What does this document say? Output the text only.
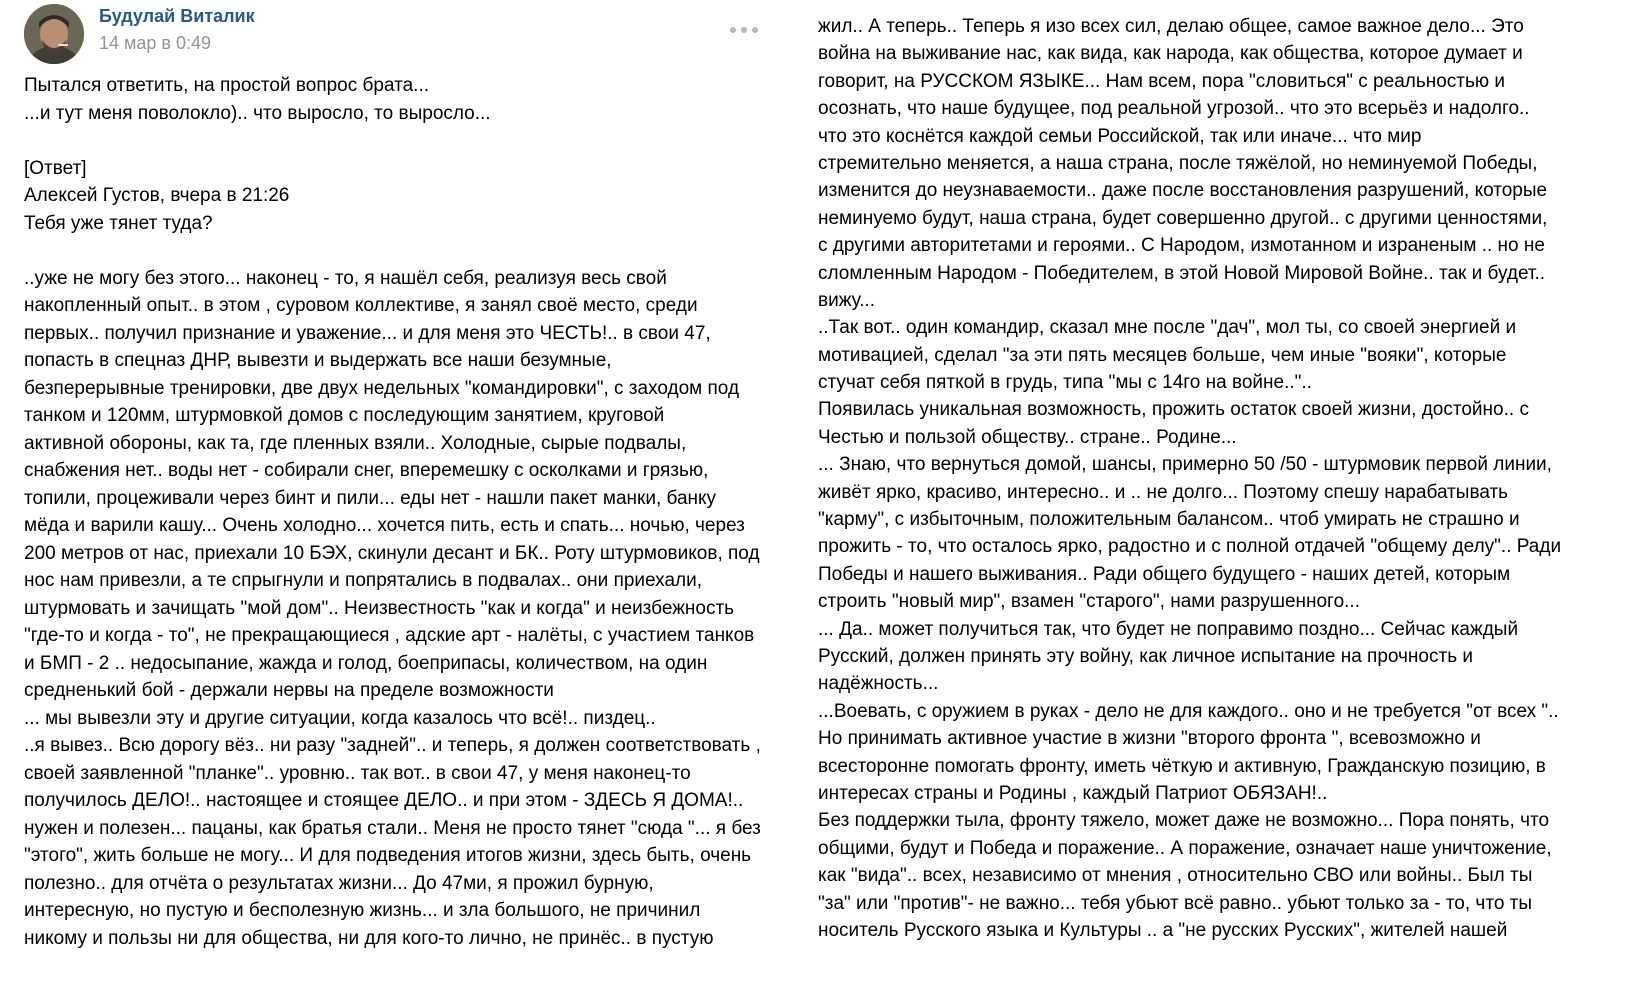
Будулай Виталик
14 мар в 0:49
Пытался ответить, на простой вопрос брата...
...и тут меня поволокло).. что выросло, то выросло...
[Ответ]
Алексей Густов, вчера в 21:26
Тебя уже тянет туда?
..уже не могу без этого... наконец - то, я нашёл себя, реализуя весь свой
накопленный опыт.. в этом , суровом коллективе, я занял своё место, среди
первых.. получил признание и уважение... и для меня это ЧЕСТЬ!.. в свои 47,
попасть в спецназ ДНР, вывезти и выдержать все наши безумные,
безперерывные тренировки, две двух недельных "командировки", с заходом под
танком и 120мм, штурмовкой домов с последующим занятием, круговой
активной обороны, как та, где пленных взяли.. Холодные, сырые подвалы,
снабжения нет.. воды нет - собирали снег, вперемешку с осколками и грязью,
топили, процеживали через бинт и пили... еды нет - нашли пакет манки, банку
мёда и варили кашу... Очень холодно... хочется пить, есть и спать... ночью, через
200 метров от нас, приехали 10 БЭХ, скинули десант и БК.. Роту штурмовиков, под
нос нам привезли, а те спрыгнули и попрятались в подвалах.. они приехали,
штурмовать и зачищать "мой дом".. Неизвестность "как и когда" и неизбежность
"где-то и когда - то", не прекращающиеся , адские арт - налёты, с участием танков
и БМП - 2 .. недосыпание, жажда и голод, боеприпасы, количеством, на один
средненький бой - держали нервы на пределе возможности
... мы вывезли эту и другие ситуации, когда казалось что всё!.. пиздец..
..я вывез.. Всю дорогу вёз.. ни разу "задней".. и теперь, я должен соответствовать ,
своей заявленной "планке".. уровню.. так вот.. в свои 47, у меня наконец-то
получилось ДЕЛО!.. настоящее и стоящее ДЕЛО.. и при этом - ЗДЕСЬ Я ДОМА!..
нужен и полезен... пацаны, как братья стали.. Меня не просто тянет "сюда "... я без
"этого", жить больше не могу... И для подведения итогов жизни, здесь быть, очень
полезно.. для отчёта о результатах жизни... До 47ми, я прожил бурную,
интересную, но пустую и бесполезную жизнь... и зла большого, не причинил
никому и пользы ни для общества, ни для кого-то лично, не принёс.. в пустую
жил.. А теперь.. Теперь я изо всех сил, делаю общее, самое важное дело... Это
война на выживание нас, как вида, как народа, как общества, которое думает и
говорит, на РУССКОМ ЯЗЫКЕ... Нам всем, пора "словиться" с реальностью и
осознать, что наше будущее, под реальной угрозой.. что это всерьёз и надолго..
что это коснётся каждой семьи Российской, так или иначе... что мир
стремительно меняется, а наша страна, после тяжёлой, но неминуемой Победы,
изменится до неузнаваемости.. даже после восстановления разрушений, которые
неминуемо будут, наша страна, будет совершенно другой.. с другими ценностями,
с другими авторитетами и героями.. С Народом, измотанном и израненым .. но не
сломленным Народом - Победителем, в этой Новой Мировой Войне.. так и будет..
вижу...
..Так вот.. один командир, сказал мне после "дач", мол ты, со своей энергией и
мотивацией, сделал "за эти пять месяцев больше, чем иные "вояки", которые
стучат себя пяткой в грудь, типа "мы с 14го на войне.."..
Появилась уникальная возможность, прожить остаток своей жизни, достойно.. с
Честью и пользой обществу.. стране.. Родине...
... Знаю, что вернуться домой, шансы, примерно 50 /50 - штурмовик первой линии,
живёт ярко, красиво, интересно.. и .. не долго... Поэтому спешу нарабатывать
"карму", с избыточным, положительным балансом.. чтоб умирать не страшно и
прожить - то, что осталось ярко, радостно и с полной отдачей "общему делу".. Ради
Победы и нашего выживания.. Ради общего будущего - наших детей, которым
строить "новый мир", взамен "старого", нами разрушенного...
... Да.. может получиться так, что будет не поправимо поздно... Сейчас каждый
Русский, должен принять эту войну, как личное испытание на прочность и
надёжность...
...Воевать, с оружием в руках - дело не для каждого.. оно и не требуется "от всех "..
Но принимать активное участие в жизни "второго фронта ", всевозможно и
всесторонне помогать фронту, иметь чёткую и активную, Гражданскую позицию, в
интересах страны и Родины , каждый Патриот ОБЯЗАН!..
Без поддержки тыла, фронту тяжело, может даже не возможно... Пора понять, что
общими, будут и Победа и поражение.. А поражение, означает наше уничтожение,
как "вида".. всех, независимо от мнения , относительно СВО или войны.. Был ты
"за" или "против"- не важно... тебя убьют всё равно.. убьют только за - то, что ты
носитель Русского языка и Культуры .. а "не русских Русских", жителей нашей
